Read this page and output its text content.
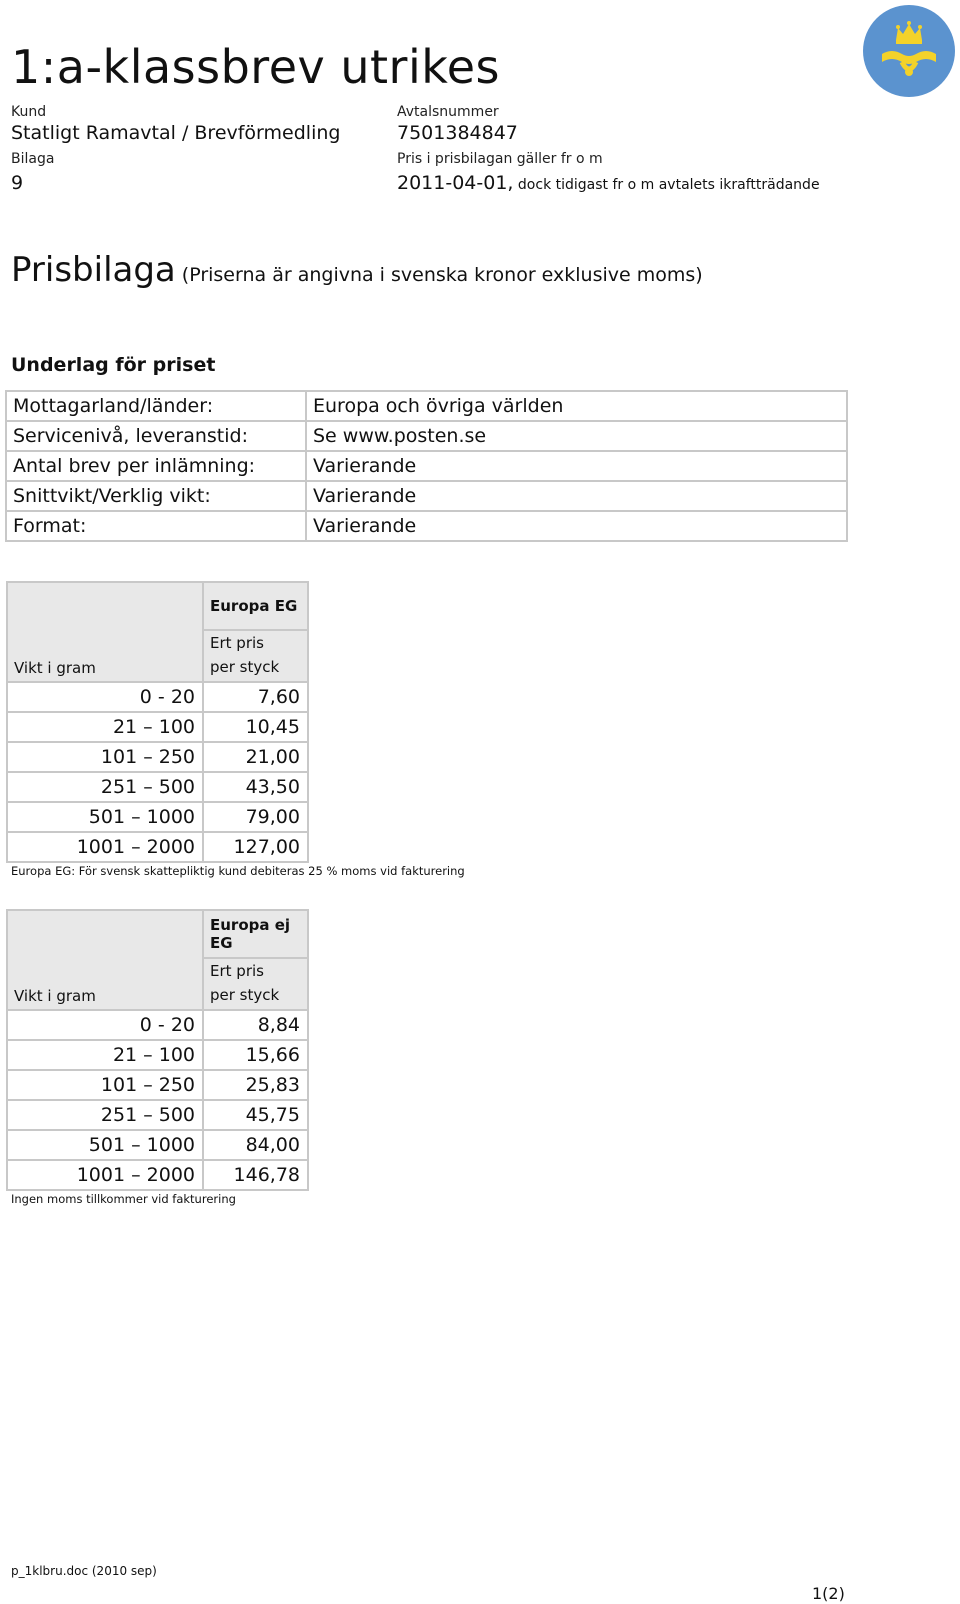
1:a-klassbrev utrikes
Kund
Statligt Ramavtal / Brevförmedling
Bilaga
9
Avtalsnummer
7501384847
Pris i prisbilagan gäller fr o m
2011-04-01, dock tidigast fr o m avtalets ikraftträdande
Prisbilaga (Priserna är angivna i svenska kronor exklusive moms)
Underlag för priset
Mottagarland/länder:	Europa och övriga världen
Servicenivå, leveranstid:	Se www.posten.se
Antal brev per inlämning:	Varierande
Snittvikt/Verklig vikt:	Varierande
Format:	Varierande
Vikt i gram	Europa EG

	Ert pris
per styck

0 - 20	7,60
21 – 100	10,45
101 – 250	21,00
251 – 500	43,50
501 – 1000	79,00
1001 – 2000	127,00
Europa EG: För svensk skattepliktig kund debiteras 25 % moms vid fakturering
Vikt i gram	Europa ej EG

	Ert pris
per styck

0 - 20	8,84
21 – 100	15,66
101 – 250	25,83
251 – 500	45,75
501 – 1000	84,00
1001 – 2000	146,78
Ingen moms tillkommer vid fakturering
p_1klbru.doc (2010 sep)
1(2)
